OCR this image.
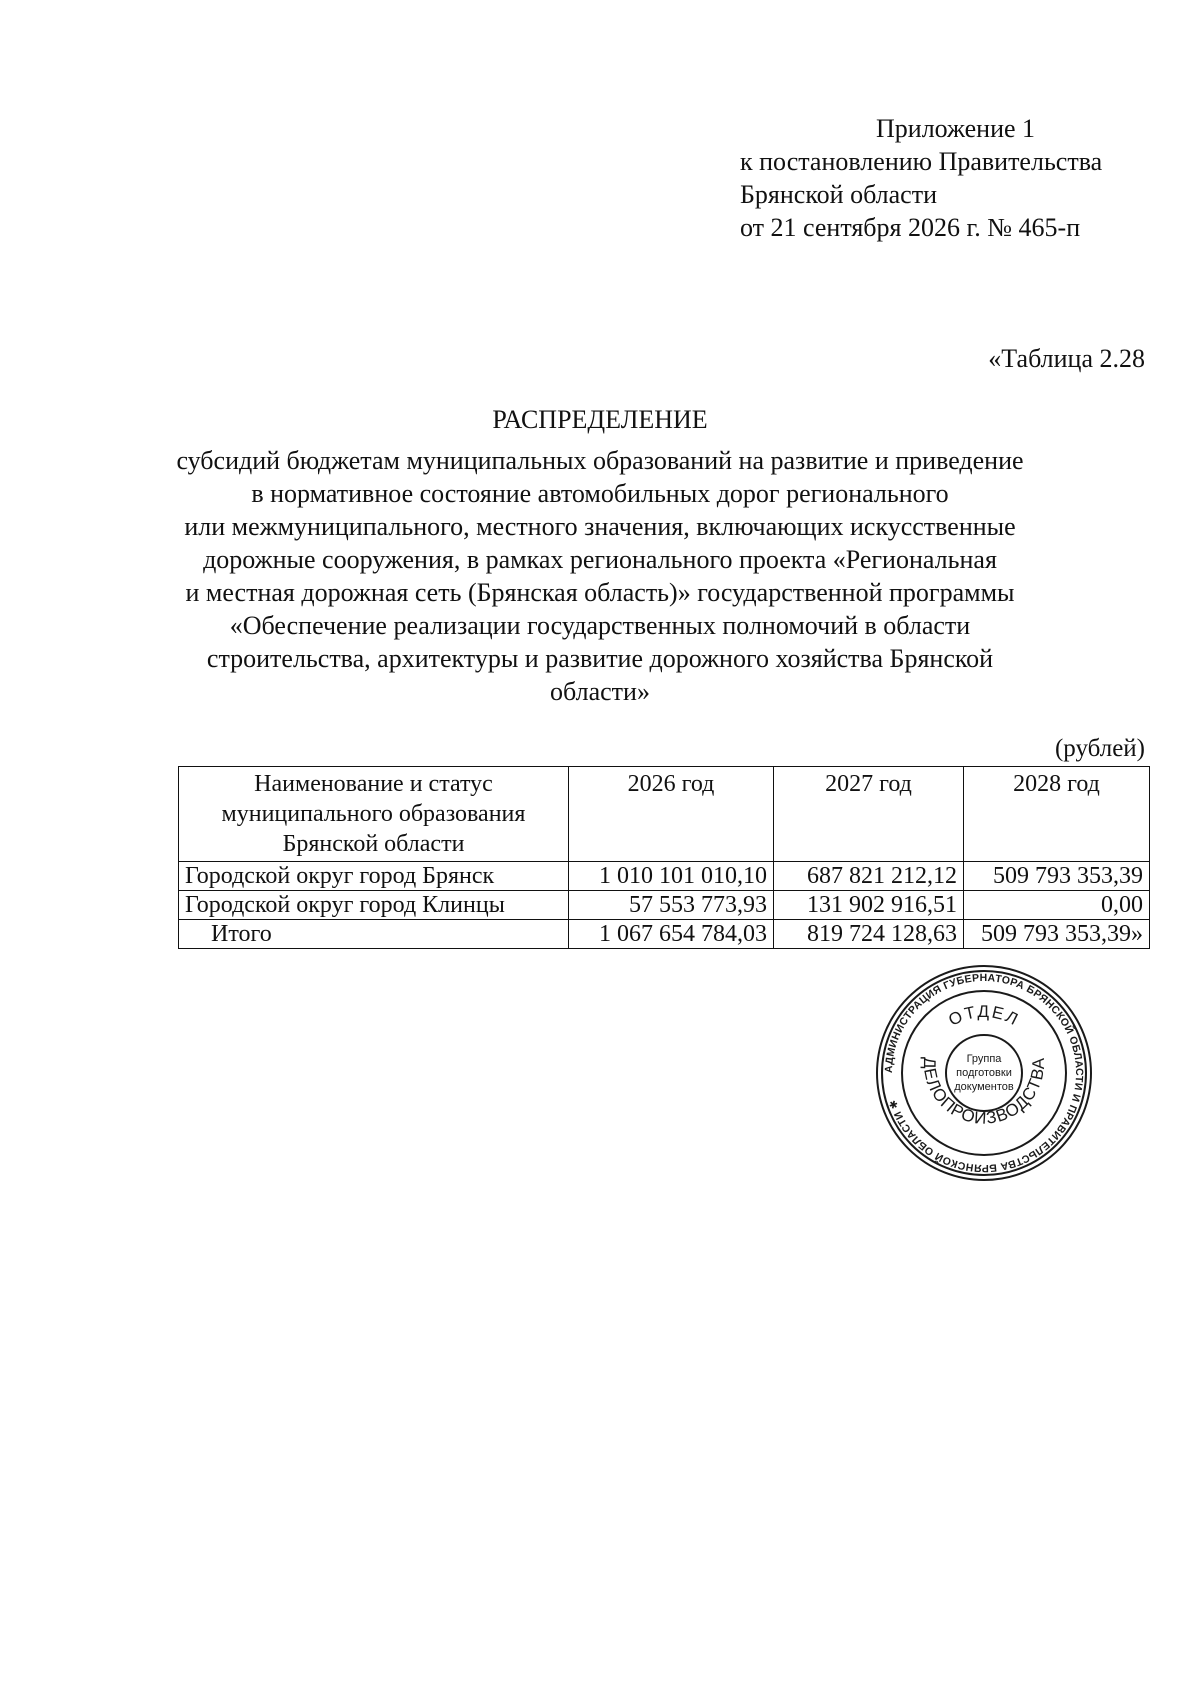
Приложение 1
к постановлению Правительства
Брянской области
от 21 сентября 2026 г. № 465-п
«Таблица 2.28
РАСПРЕДЕЛЕНИЕ
субсидий бюджетам муниципальных образований на развитие и приведение
в нормативное состояние автомобильных дорог регионального
или межмуниципального, местного значения, включающих искусственные
дорожные сооружения, в рамках регионального проекта «Региональная
и местная дорожная сеть (Брянская область)» государственной программы
«Обеспечение реализации государственных полномочий в области
строительства, архитектуры и развитие дорожного хозяйства Брянской
области»
(рублей)
Наименование и статус муниципального образования Брянской области	2026 год	2027 год	2028 год
Городской округ город Брянск	1 010 101 010,10	687 821 212,12	509 793 353,39
Городской округ город Клинцы	57 553 773,93	131 902 916,51	0,00
Итого	1 067 654 784,03	819 724 128,63	509 793 353,39»
АДМИНИСТРАЦИЯ ГУБЕРНАТОРА БРЯНСКОЙ ОБЛАСТИ И ПРАВИТЕЛЬСТВА БРЯНСКОЙ ОБЛАСТИ ✱
ОТДЕЛ
ДЕЛОПРОИЗВОДСТВА
Группа
подготовки
документов
